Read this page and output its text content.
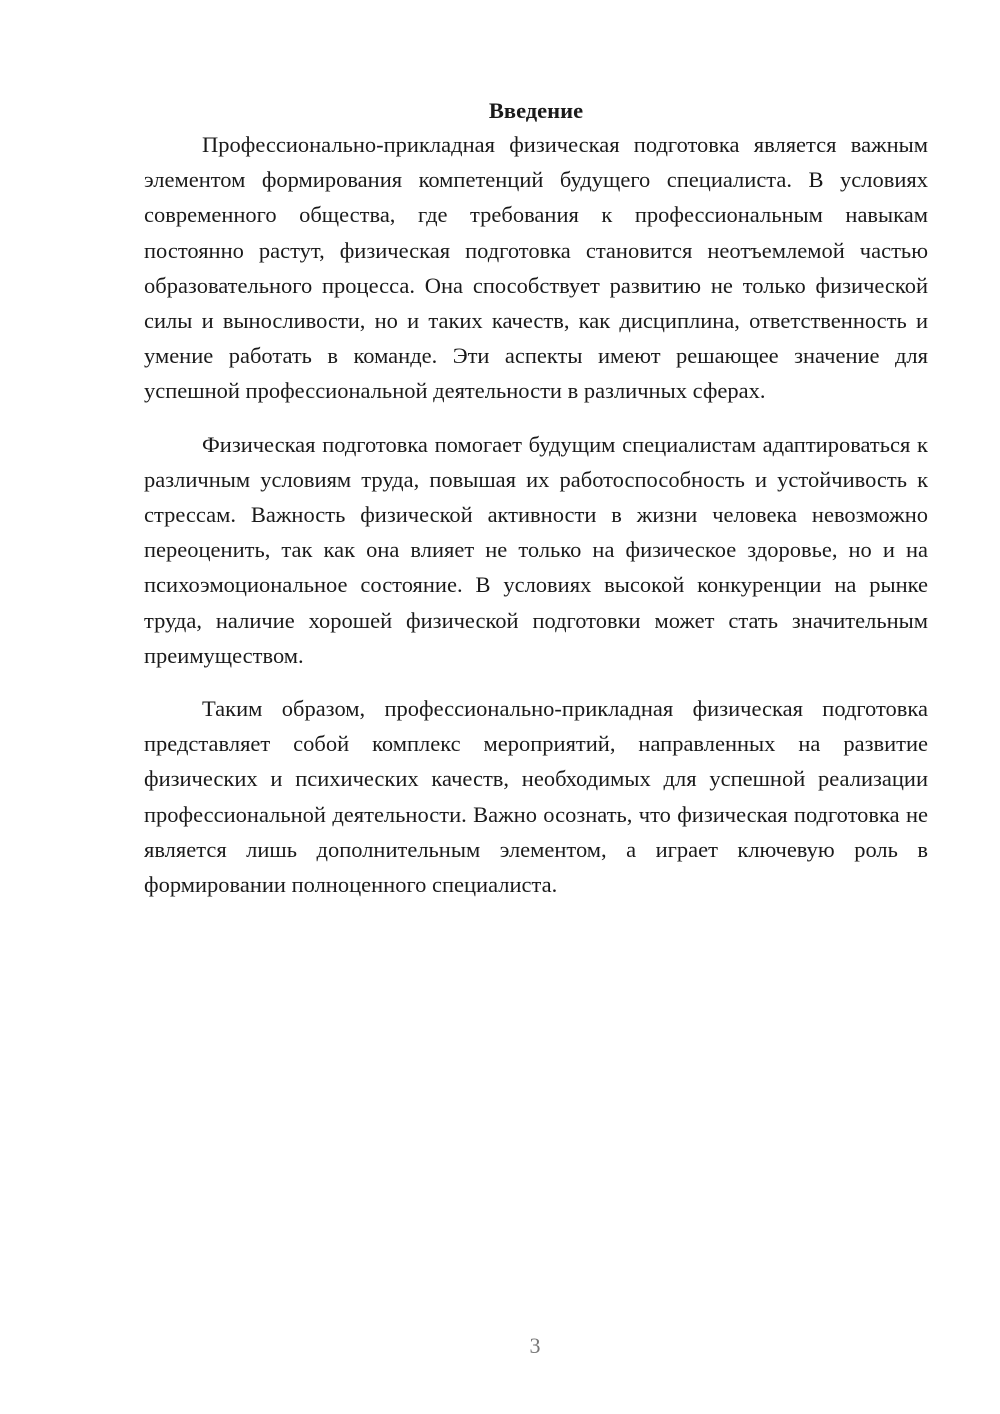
Введение

Профессионально-прикладная физическая подготовка является важным элементом формирования компетенций будущего специалиста. В условиях современного общества, где требования к профессиональным навыкам постоянно растут, физическая подготовка становится неотъемлемой частью образовательного процесса. Она способствует развитию не только физической силы и выносливости, но и таких качеств, как дисциплина, ответственность и умение работать в команде. Эти аспекты имеют решающее значение для успешной профессиональной деятельности в различных сферах.

Физическая подготовка помогает будущим специалистам адаптироваться к различным условиям труда, повышая их работоспособность и устойчивость к стрессам. Важность физической активности в жизни человека невозможно переоценить, так как она влияет не только на физическое здоровье, но и на психоэмоциональное состояние. В условиях высокой конкуренции на рынке труда, наличие хорошей физической подготовки может стать значительным преимуществом.

Таким образом, профессионально-прикладная физическая подготовка представляет собой комплекс мероприятий, направленных на развитие физических и психических качеств, необходимых для успешной реализации профессиональной деятельности. Важно осознать, что физическая подготовка не является лишь дополнительным элементом, а играет ключевую роль в формировании полноценного специалиста.

3
